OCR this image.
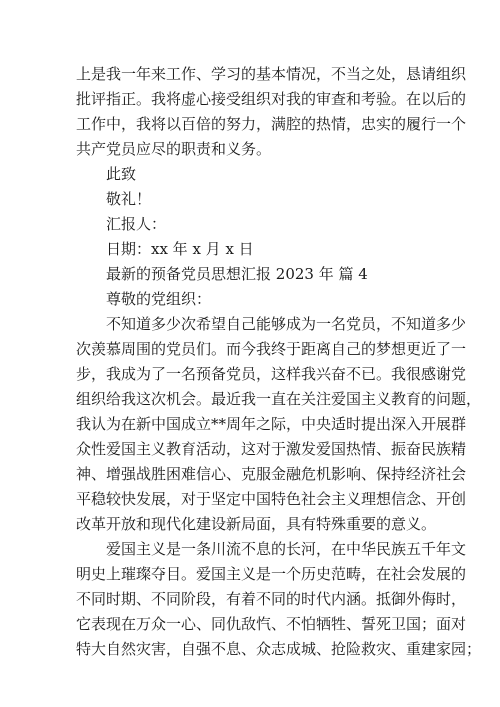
上是我一年来工作、学习的基本情况，不当之处，恳请组织
批评指正。我将虚心接受组织对我的审查和考验。在以后的
工作中，我将以百倍的努力，满腔的热情，忠实的履行一个
共产党员应尽的职责和义务。
此致
敬礼！
汇报人：
日期：xx 年 x 月 x 日
最新的预备党员思想汇报 2023 年 篇 4
尊敬的党组织：
不知道多少次希望自己能够成为一名党员，不知道多少
次羡慕周围的党员们。而今我终于距离自己的梦想更近了一
步，我成为了一名预备党员，这样我兴奋不已。我很感谢党
组织给我这次机会。最近我一直在关注爱国主义教育的问题，
我认为在新中国成立**周年之际，中央适时提出深入开展群
众性爱国主义教育活动，这对于激发爱国热情、振奋民族精
神、增强战胜困难信心、克服金融危机影响、保持经济社会
平稳较快发展，对于坚定中国特色社会主义理想信念、开创
改革开放和现代化建设新局面，具有特殊重要的意义。
爱国主义是一条川流不息的长河，在中华民族五千年文
明史上璀璨夺目。爱国主义是一个历史范畴，在社会发展的
不同时期、不同阶段，有着不同的时代内涵。抵御外侮时，
它表现在万众一心、同仇敌忾、不怕牺牲、誓死卫国；面对
特大自然灾害，自强不息、众志成城、抢险救灾、重建家园；
